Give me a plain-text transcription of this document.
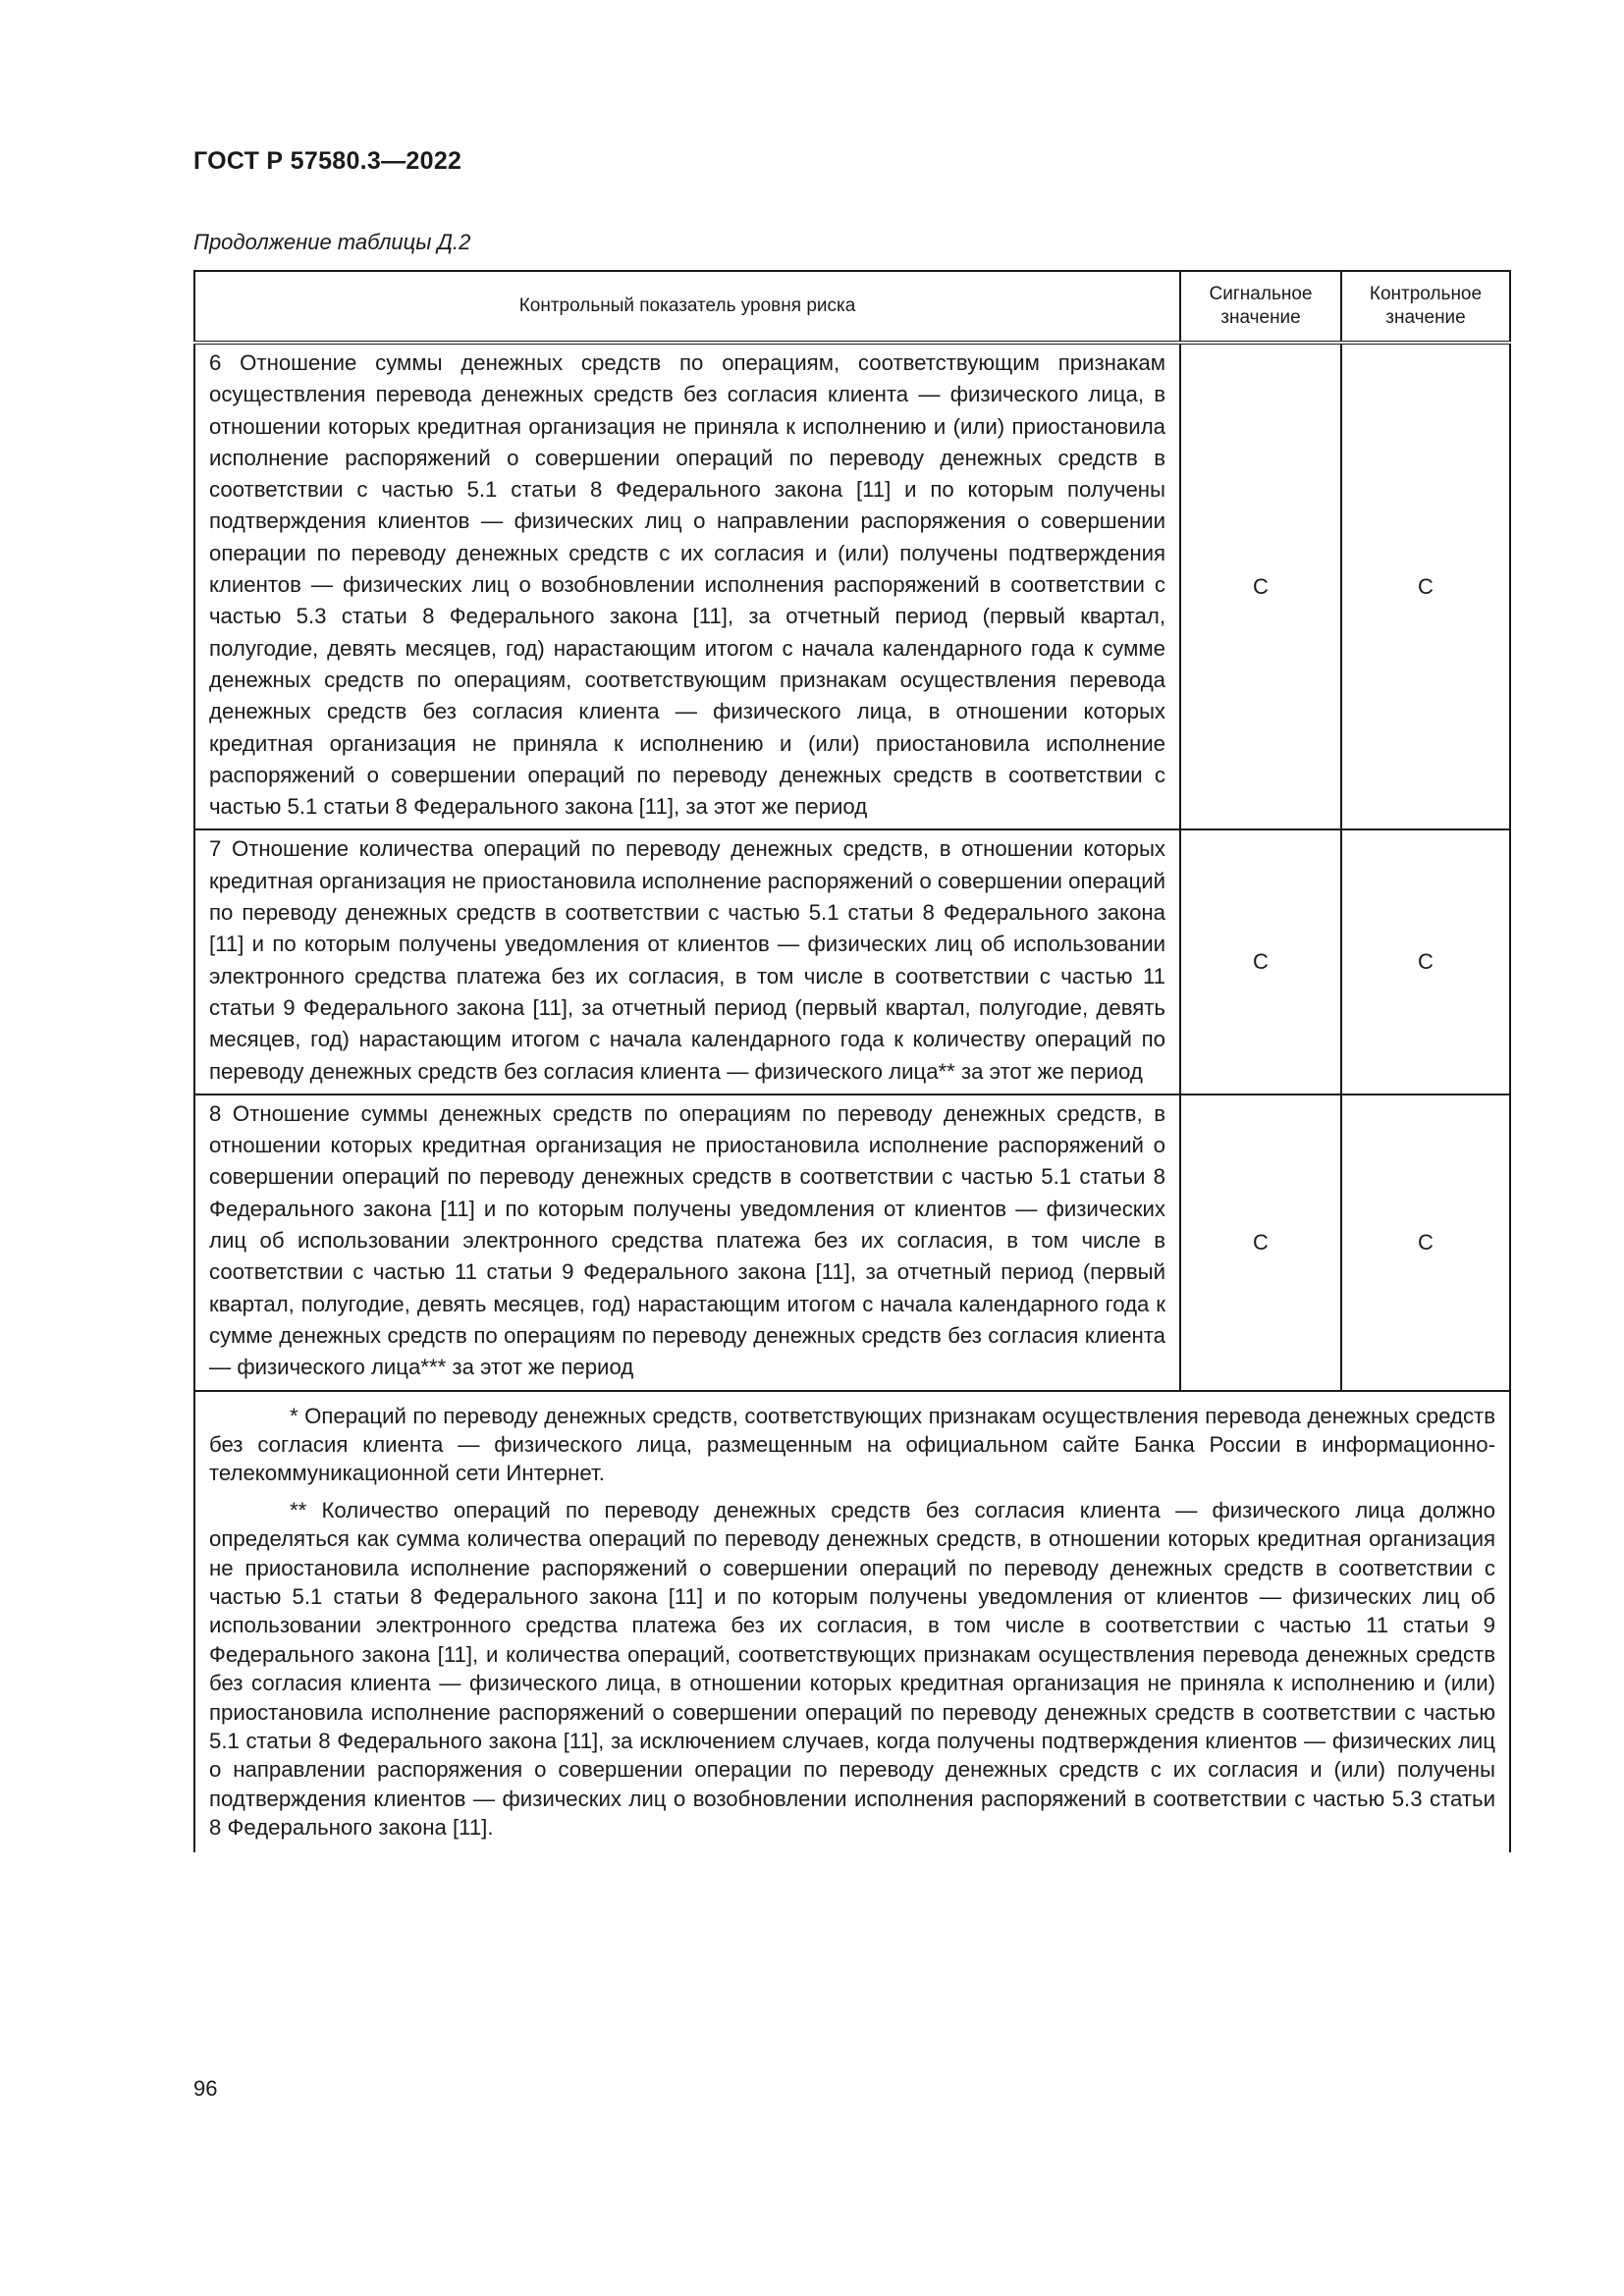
ГОСТ Р 57580.3—2022
Продолжение таблицы Д.2
Контрольный показатель уровня риска	Сигнальное значение	Контрольное значение
6 Отношение суммы денежных средств по операциям, соответствующим признакам осуществления перевода денежных средств без согласия клиента — физического лица, в отношении которых кредитная организация не приняла к исполнению и (или) приостановила исполнение распоряжений о совершении операций по переводу денежных средств в соответствии с частью 5.1 статьи 8 Федерального закона [11] и по которым получены подтверждения клиентов — физических лиц о направлении распоряжения о совершении операции по переводу денежных средств с их согласия и (или) получены подтверждения клиентов — физических лиц о возобновлении исполнения распоряжений в соответствии с частью 5.3 статьи 8 Федерального закона [11], за отчетный период (первый квартал, полугодие, девять месяцев, год) нарастающим итогом с начала календарного года к сумме денежных средств по операциям, соответствующим признакам осуществления перевода денежных средств без согласия клиента — физического лица, в отношении которых кредитная организация не приняла к исполнению и (или) приостановила исполнение распоряжений о совершении операций по переводу денежных средств в соответствии с частью 5.1 статьи 8 Федерального закона [11], за этот же период	С	С
7 Отношение количества операций по переводу денежных средств, в отношении которых кредитная организация не приостановила исполнение распоряжений о совершении операций по переводу денежных средств в соответствии с частью 5.1 статьи 8 Федерального закона [11] и по которым получены уведомления от клиентов — физических лиц об использовании электронного средства платежа без их согласия, в том числе в соответствии с частью 11 статьи 9 Федерального закона [11], за отчетный период (первый квартал, полугодие, девять месяцев, год) нарастающим итогом с начала календарного года к количеству операций по переводу денежных средств без согласия клиента — физического лица** за этот же период	С	С
8 Отношение суммы денежных средств по операциям по переводу денежных средств, в отношении которых кредитная организация не приостановила исполнение распоряжений о совершении операций по переводу денежных средств в соответствии с частью 5.1 статьи 8 Федерального закона [11] и по которым получены уведомления от клиентов — физических лиц об использовании электронного средства платежа без их согласия, в том числе в соответствии с частью 11 статьи 9 Федерального закона [11], за отчетный период (первый квартал, полугодие, девять месяцев, год) нарастающим итогом с начала календарного года к сумме денежных средств по операциям по переводу денежных средств без согласия клиента — физического лица*** за этот же период	С	С

* Операций по переводу денежных средств, соответствующих признакам осуществления перевода денежных средств без согласия клиента — физического лица, размещенным на официальном сайте Банка России в информационно-телекоммуникационной сети Интернет.

** Количество операций по переводу денежных средств без согласия клиента — физического лица должно определяться как сумма количества операций по переводу денежных средств, в отношении которых кредитная организация не приостановила исполнение распоряжений о совершении операций по переводу денежных средств в соответствии с частью 5.1 статьи 8 Федерального закона [11] и по которым получены уведомления от клиентов — физических лиц об использовании электронного средства платежа без их согласия, в том числе в соответствии с частью 11 статьи 9 Федерального закона [11], и количества операций, соответствующих признакам осуществления перевода денежных средств без согласия клиента — физического лица, в отношении которых кредитная организация не приняла к исполнению и (или) приостановила исполнение распоряжений о совершении операций по переводу денежных средств в соответствии с частью 5.1 статьи 8 Федерального закона [11], за исключением случаев, когда получены подтверждения клиентов — физических лиц о направлении распоряжения о совершении операции по переводу денежных средств с их согласия и (или) получены подтверждения клиентов — физических лиц о возобновлении исполнения распоряжений в соответствии с частью 5.3 статьи 8 Федерального закона [11].		

96
